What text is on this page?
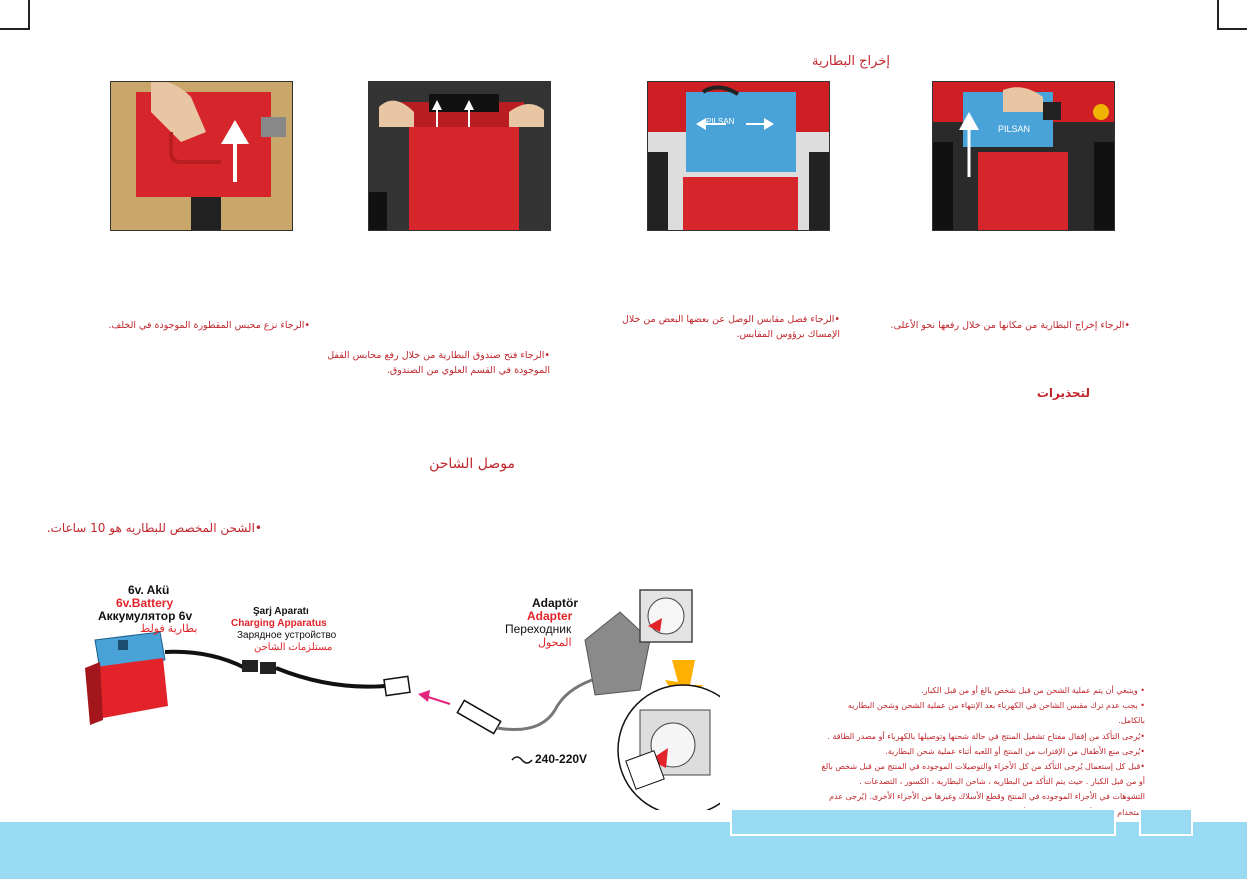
إخراج البطارية
PILSAN
PILSAN
•الرجاء إخراج البطارية من مكانها من خلال رفعها نحو الأعلى.
•الرجاء فصل مقابس الوصل عن بعضها البعض من خلال
الإمساك برؤوس المقابس.
•الرجاء فتح صندوق البطارية من خلال رفع محابس القفل
الموجودة في القسم العلوي من الصندوق.
•الرجاء نزع محبس المقطورة الموجودة في الخلف.
لتحذيرات
موصل الشاحن
•الشحن المخصص للبطاريه هو 10 ساعات.
6v. Akü
6v.Battery
Аккумулятор 6v
بطارية فولط
Şarj Aparatı
Charging Apparatus
Зарядное устройство
مستلزمات الشاحن
Adaptör
Adapter
Переходник
المحول
240-220V
• وينبغي أن يتم عملية الشحن من قبل شخص بالغ أو من قبل الكبار.
• يجب عدم ترك مقبس الشاحن في الكهرباء بعد الإنتهاء من عملية الشحن وشحن البطاريه
بالكامل.
•يُرجى التأكد من إقفال مفتاح تشغيل المنتج في حالة شحنها وتوصيلها بالكهرباء أو مصدر الطاقة .
•يُرجى منع الأطفال من الإقتراب من المنتج أو اللعبه أثناء عملية شحن البطارية.
•قبل كل إستعمال يُرجى التأكد من كل الأجزاء والتوصيلات الموجوده في المنتج من قبل شخص بالغ
أو من قبل الكبار . حيث يتم التأكد من البطاريه ، شاحن البطاريه ، الكسور ، التصدعات .
التشوهات في الأجزاء الموجوده في المنتج وقطع الأسلاك وغيرها من الأجزاء الأخرى. (يُرجى عدم
إستخدام
